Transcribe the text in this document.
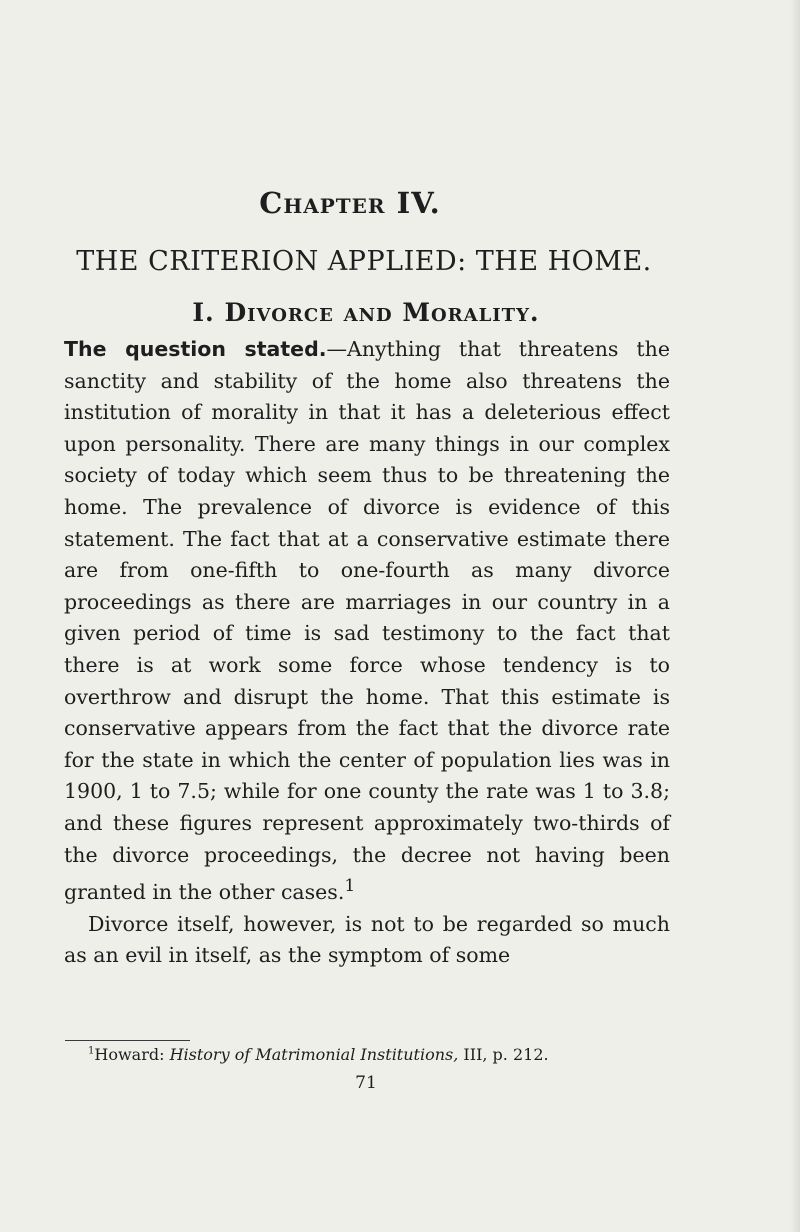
Chapter IV.
THE CRITERION APPLIED: THE HOME.
I. Divorce and Morality.

The question stated.—Anything that threatens the sanctity and stability of the home also threatens the institution of morality in that it has a deleterious effect upon personality. There are many things in our complex society of today which seem thus to be threatening the home. The prevalence of divorce is evidence of this statement. The fact that at a conservative estimate there are from one-fifth to one-fourth as many divorce proceedings as there are marriages in our country in a given period of time is sad testimony to the fact that there is at work some force whose tendency is to overthrow and disrupt the home. That this estimate is conservative appears from the fact that the divorce rate for the state in which the center of population lies was in 1900, 1 to 7.5; while for one county the rate was 1 to 3.8; and these figures represent approximately two-thirds of the divorce proceedings, the decree not having been granted in the other cases.$^1$

Divorce itself, however, is not to be regarded so much as an evil in itself, as the symptom of some

$^1$Howard: History of Matrimonial Institutions, III, p. 212.

71
